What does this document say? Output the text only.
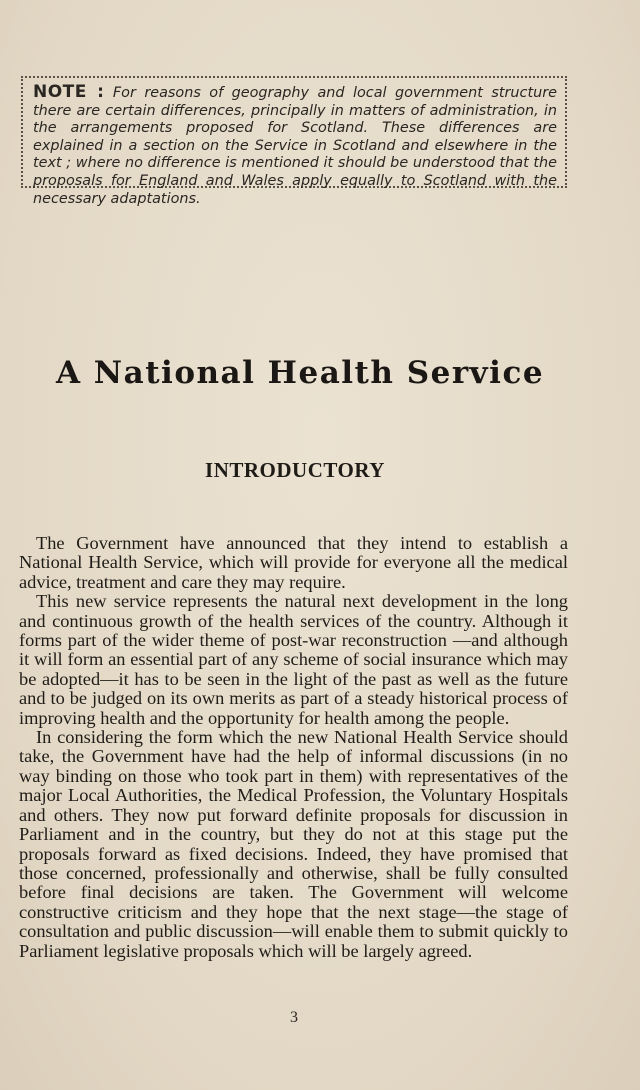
NOTE : For reasons of geography and local government structure there are certain differences, principally in matters of administration, in the arrangements proposed for Scotland. These differences are explained in a section on the Service in Scotland and elsewhere in the text ; where no difference is mentioned it should be understood that the proposals for England and Wales apply equally to Scotland with the necessary adaptations.

A National Health Service
INTRODUCTORY

The Government have announced that they intend to establish a National Health Service, which will provide for everyone all the medical advice, treatment and care they may require.

This new service represents the natural next development in the long and continuous growth of the health services of the country. Although it forms part of the wider theme of post-war reconstruction —and although it will form an essential part of any scheme of social insurance which may be adopted—it has to be seen in the light of the past as well as the future and to be judged on its own merits as part of a steady historical process of improving health and the opportunity for health among the people.

In considering the form which the new National Health Service should take, the Government have had the help of informal discussions (in no way binding on those who took part in them) with representatives of the major Local Authorities, the Medical Profession, the Voluntary Hospitals and others. They now put forward definite proposals for discussion in Parliament and in the country, but they do not at this stage put the proposals forward as fixed decisions. Indeed, they have promised that those concerned, professionally and otherwise, shall be fully consulted before final decisions are taken. The Government will welcome constructive criticism and they hope that the next stage—the stage of consultation and public discussion—will enable them to submit quickly to Parliament legislative proposals which will be largely agreed.

3
